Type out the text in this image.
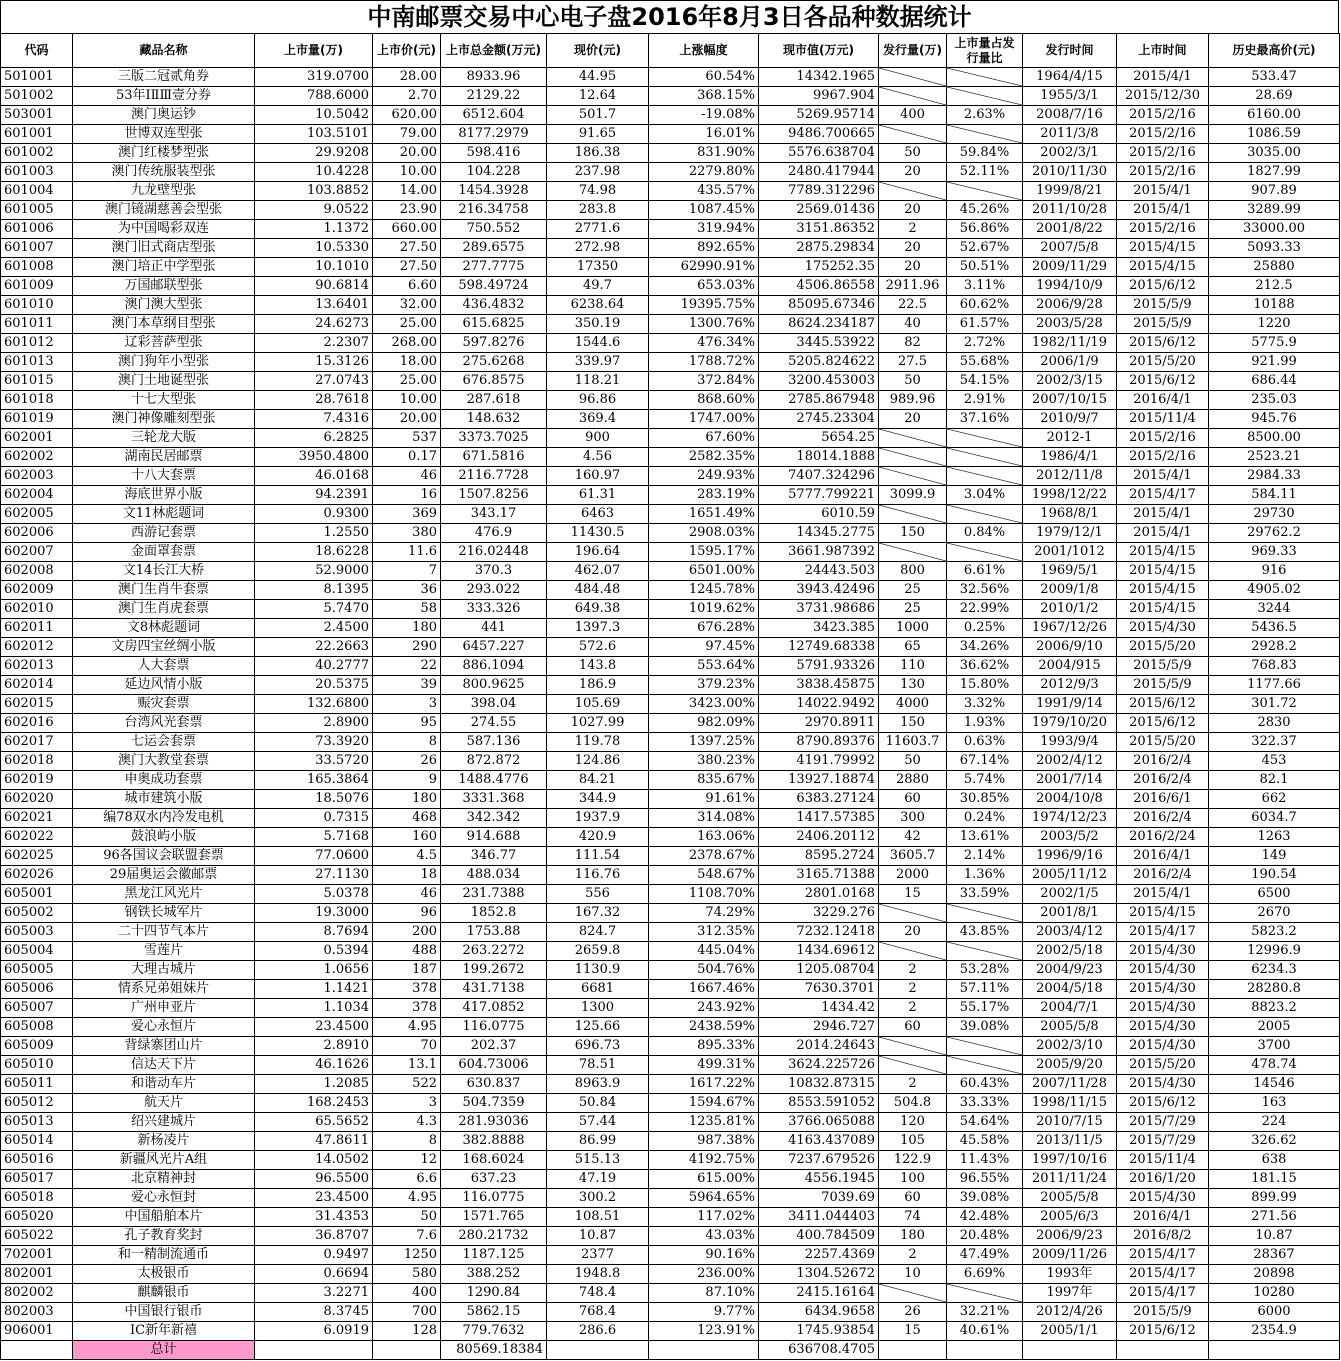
中南邮票交易中心电子盘2016年8月3日各品种数据统计
代码	藏品名称	上市量(万)	上市价(元)	上市总金额(万元)	现价(元)	上涨幅度	现市值(万元)	发行量(万)	上市量占发行量比	发行时间	上市时间	历史最高价(元)
501001	三版二冠贰角券	319.0700	28.00	8933.96	44.95	60.54%	14342.1965			1964/4/15	2015/4/1	533.47
501002	53年ⅠⅡⅢ壹分券	788.6000	2.70	2129.22	12.64	368.15%	9967.904			1955/3/1	2015/12/30	28.69
503001	澳门奥运钞	10.5042	620.00	6512.604	501.7	-19.08%	5269.95714	400	2.63%	2008/7/16	2015/2/16	6160.00
601001	世博双连型张	103.5101	79.00	8177.2979	91.65	16.01%	9486.700665			2011/3/8	2015/2/16	1086.59
601002	澳门红楼梦型张	29.9208	20.00	598.416	186.38	831.90%	5576.638704	50	59.84%	2002/3/1	2015/2/16	3035.00
601003	澳门传统服装型张	10.4228	10.00	104.228	237.98	2279.80%	2480.417944	20	52.11%	2010/11/30	2015/2/16	1827.99
601004	九龙壁型张	103.8852	14.00	1454.3928	74.98	435.57%	7789.312296			1999/8/21	2015/4/1	907.89
601005	澳门镜湖慈善会型张	9.0522	23.90	216.34758	283.8	1087.45%	2569.01436	20	45.26%	2011/10/28	2015/4/1	3289.99
601006	为中国喝彩双连	1.1372	660.00	750.552	2771.6	319.94%	3151.86352	2	56.86%	2001/8/22	2015/2/16	33000.00
601007	澳门旧式商店型张	10.5330	27.50	289.6575	272.98	892.65%	2875.29834	20	52.67%	2007/5/8	2015/4/15	5093.33
601008	澳门培正中学型张	10.1010	27.50	277.7775	17350	62990.91%	175252.35	20	50.51%	2009/11/29	2015/4/15	25880
601009	万国邮联型张	90.6814	6.60	598.49724	49.7	653.03%	4506.86558	2911.96	3.11%	1994/10/9	2015/6/12	212.5
601010	澳门澳大型张	13.6401	32.00	436.4832	6238.64	19395.75%	85095.67346	22.5	60.62%	2006/9/28	2015/5/9	10188
601011	澳门本草纲目型张	24.6273	25.00	615.6825	350.19	1300.76%	8624.234187	40	61.57%	2003/5/28	2015/5/9	1220
601012	辽彩菩萨型张	2.2307	268.00	597.8276	1544.6	476.34%	3445.53922	82	2.72%	1982/11/19	2015/6/12	5775.9
601013	澳门狗年小型张	15.3126	18.00	275.6268	339.97	1788.72%	5205.824622	27.5	55.68%	2006/1/9	2015/5/20	921.99
601015	澳门土地诞型张	27.0743	25.00	676.8575	118.21	372.84%	3200.453003	50	54.15%	2002/3/15	2015/6/12	686.44
601018	十七大型张	28.7618	10.00	287.618	96.86	868.60%	2785.867948	989.96	2.91%	2007/10/15	2016/4/1	235.03
601019	澳门神像雕刻型张	7.4316	20.00	148.632	369.4	1747.00%	2745.23304	20	37.16%	2010/9/7	2015/11/4	945.76
602001	三轮龙大版	6.2825	537	3373.7025	900	67.60%	5654.25			2012-1	2015/2/16	8500.00
602002	湖南民居邮票	3950.4800	0.17	671.5816	4.56	2582.35%	18014.1888			1986/4/1	2015/2/16	2523.21
602003	十八大套票	46.0168	46	2116.7728	160.97	249.93%	7407.324296			2012/11/8	2015/4/1	2984.33
602004	海底世界小版	94.2391	16	1507.8256	61.31	283.19%	5777.799221	3099.9	3.04%	1998/12/22	2015/4/17	584.11
602005	文11林彪题词	0.9300	369	343.17	6463	1651.49%	6010.59			1968/8/1	2015/4/1	29730
602006	西游记套票	1.2550	380	476.9	11430.5	2908.03%	14345.2775	150	0.84%	1979/12/1	2015/4/1	29762.2
602007	金面罩套票	18.6228	11.6	216.02448	196.64	1595.17%	3661.987392			2001/1012	2015/4/15	969.33
602008	文14长江大桥	52.9000	7	370.3	462.07	6501.00%	24443.503	800	6.61%	1969/5/1	2015/4/15	916
602009	澳门生肖牛套票	8.1395	36	293.022	484.48	1245.78%	3943.42496	25	32.56%	2009/1/8	2015/4/15	4905.02
602010	澳门生肖虎套票	5.7470	58	333.326	649.38	1019.62%	3731.98686	25	22.99%	2010/1/2	2015/4/15	3244
602011	文8林彪题词	2.4500	180	441	1397.3	676.28%	3423.385	1000	0.25%	1967/12/26	2015/4/30	5436.5
602012	文房四宝丝绸小版	22.2663	290	6457.227	572.6	97.45%	12749.68338	65	34.26%	2006/9/10	2015/5/20	2928.2
602013	人大套票	40.2777	22	886.1094	143.8	553.64%	5791.93326	110	36.62%	2004/915	2015/5/9	768.83
602014	延边风情小版	20.5375	39	800.9625	186.9	379.23%	3838.45875	130	15.80%	2012/9/3	2015/5/9	1177.66
602015	赈灾套票	132.6800	3	398.04	105.69	3423.00%	14022.9492	4000	3.32%	1991/9/14	2015/6/12	301.72
602016	台湾风光套票	2.8900	95	274.55	1027.99	982.09%	2970.8911	150	1.93%	1979/10/20	2015/6/12	2830
602017	七运会套票	73.3920	8	587.136	119.78	1397.25%	8790.89376	11603.7	0.63%	1993/9/4	2015/5/20	322.37
602018	澳门大教堂套票	33.5720	26	872.872	124.86	380.23%	4191.79992	50	67.14%	2002/4/12	2016/2/4	453
602019	申奥成功套票	165.3864	9	1488.4776	84.21	835.67%	13927.18874	2880	5.74%	2001/7/14	2016/2/4	82.1
602020	城市建筑小版	18.5076	180	3331.368	344.9	91.61%	6383.27124	60	30.85%	2004/10/8	2016/6/1	662
602021	编78双水内冷发电机	0.7315	468	342.342	1937.9	314.08%	1417.57385	300	0.24%	1974/12/23	2016/2/4	6034.7
602022	鼓浪屿小版	5.7168	160	914.688	420.9	163.06%	2406.20112	42	13.61%	2003/5/2	2016/2/24	1263
602025	96各国议会联盟套票	77.0600	4.5	346.77	111.54	2378.67%	8595.2724	3605.7	2.14%	1996/9/16	2016/4/1	149
602026	29届奥运会徽邮票	27.1130	18	488.034	116.76	548.67%	3165.71388	2000	1.36%	2005/11/12	2016/2/4	190.54
605001	黑龙江风光片	5.0378	46	231.7388	556	1108.70%	2801.0168	15	33.59%	2002/1/5	2015/4/1	6500
605002	钢铁长城军片	19.3000	96	1852.8	167.32	74.29%	3229.276			2001/8/1	2015/4/15	2670
605003	二十四节气本片	8.7694	200	1753.88	824.7	312.35%	7232.12418	20	43.85%	2003/4/12	2015/4/17	5823.2
605004	雪莲片	0.5394	488	263.2272	2659.8	445.04%	1434.69612			2002/5/18	2015/4/30	12996.9
605005	大理古城片	1.0656	187	199.2672	1130.9	504.76%	1205.08704	2	53.28%	2004/9/23	2015/4/30	6234.3
605006	情系兄弟姐妹片	1.1421	378	431.7138	6681	1667.46%	7630.3701	2	57.11%	2004/5/18	2015/4/30	28280.8
605007	广州申亚片	1.1034	378	417.0852	1300	243.92%	1434.42	2	55.17%	2004/7/1	2015/4/30	8823.2
605008	爱心永恒片	23.4500	4.95	116.0775	125.66	2438.59%	2946.727	60	39.08%	2005/5/8	2015/4/30	2005
605009	背绿寨团山片	2.8910	70	202.37	696.73	895.33%	2014.24643			2002/3/10	2015/4/30	3700
605010	信达天下片	46.1626	13.1	604.73006	78.51	499.31%	3624.225726			2005/9/20	2015/5/20	478.74
605011	和谐动车片	1.2085	522	630.837	8963.9	1617.22%	10832.87315	2	60.43%	2007/11/28	2015/4/30	14546
605012	航天片	168.2453	3	504.7359	50.84	1594.67%	8553.591052	504.8	33.33%	1998/11/15	2015/6/12	163
605013	绍兴建城片	65.5652	4.3	281.93036	57.44	1235.81%	3766.065088	120	54.64%	2010/7/15	2015/7/29	224
605014	新杨凌片	47.8611	8	382.8888	86.99	987.38%	4163.437089	105	45.58%	2013/11/5	2015/7/29	326.62
605016	新疆风光片A组	14.0502	12	168.6024	515.13	4192.75%	7237.679526	122.9	11.43%	1997/10/16	2015/11/4	638
605017	北京精神封	96.5500	6.6	637.23	47.19	615.00%	4556.1945	100	96.55%	2011/11/24	2016/1/20	181.15
605018	爱心永恒封	23.4500	4.95	116.0775	300.2	5964.65%	7039.69	60	39.08%	2005/5/8	2015/4/30	899.99
605020	中国船舶本片	31.4353	50	1571.765	108.51	117.02%	3411.044403	74	42.48%	2005/6/3	2016/4/1	271.56
605022	孔子教育奖封	36.8707	7.6	280.21732	10.87	43.03%	400.784509	180	20.48%	2006/9/23	2016/8/2	10.87
702001	和一精制流通币	0.9497	1250	1187.125	2377	90.16%	2257.4369	2	47.49%	2009/11/26	2015/4/17	28367
802001	太极银币	0.6694	580	388.252	1948.8	236.00%	1304.52672	10	6.69%	1993年	2015/4/17	20898
802002	麒麟银币	3.2271	400	1290.84	748.4	87.10%	2415.16164			1997年	2015/4/17	10280
802003	中国银行银币	8.3745	700	5862.15	768.4	9.77%	6434.9658	26	32.21%	2012/4/26	2015/5/9	6000
906001	IC新年新禧	6.0919	128	779.7632	286.6	123.91%	1745.93854	15	40.61%	2005/1/1	2015/6/12	2354.9
	总计			80569.18384			636708.4705					
